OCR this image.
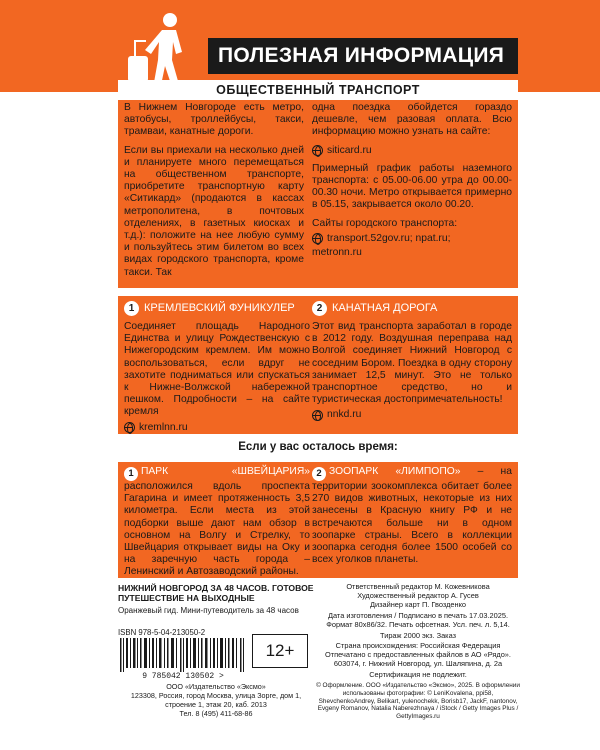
ПОЛЕЗНАЯ ИНФОРМАЦИЯ
ОБЩЕСТВЕННЫЙ ТРАНСПОРТ

В Нижнем Новгороде есть метро, автобусы, троллейбусы, такси, трамваи, канатные дороги.

Если вы приехали на несколько дней и планируете много перемещаться на общественном транспорте, приобретите транспортную карту «Ситикард» (продаются в кассах метрополитена, в почтовых отделениях, в газетных киосках и т.д.): положите на нее любую сумму и пользуйтесь этим билетом во всех видах городского транспорта, кроме такси. Так

одна поездка обойдется гораздо дешевле, чем разовая оплата. Всю информацию можно узнать на сайте:

siticard.ru

Примерный график работы наземного транспорта: с 05.00-06.00 утра до 00.00-00.30 ночи. Метро открывается примерно в 05.15, закрывается около 00.20.

Сайты городского транспорта:

transport.52gov.ru; npat.ru;
metronn.ru
1 КРЕМЛЕВСКИЙ ФУНИКУЛЕР

Соединяет площадь Народного Единства и улицу Рождественскую с Нижегородским кремлем. Им можно воспользоваться, если вдруг не захотите подниматься или спускаться к Нижне-Волжской набережной пешком. Подробности – на сайте кремля

kremlnn.ru
2 КАНАТНАЯ ДОРОГА

Этот вид транспорта заработал в городе в 2012 году. Воздушная переправа над Волгой соединяет Нижний Новгород с соседним Бором. Поездка в одну сторону занимает 12,5 минут. Это не только транспортное средство, но и туристическая достопримечательность!

nnkd.ru
Если у вас осталось время:

1 ПАРК «ШВЕЙЦАРИЯ» расположился вдоль проспекта Гагарина и имеет протяженность 3,5 километра. Если места из этой подборки выше дают нам обзор в основном на Волгу и Стрелку, то Швейцария открывает виды на Оку и на заречную часть города – Ленинский и Автозаводский районы.

2 ЗООПАРК «ЛИМПОПО» – на территории зоокомплекса обитает более 270 видов животных, некоторые из них занесены в Красную книгу РФ и не встречаются больше ни в одном зоопарке страны. Всего в коллекции зоопарка сегодня более 1500 особей со всех уголков планеты.

НИЖНИЙ НОВГОРОД ЗА 48 ЧАСОВ. ГОТОВОЕ ПУТЕШЕСТВИЕ НА ВЫХОДНЫЕ
Оранжевый гид. Мини-путеводитель за 48 часов
ISBN 978-5-04-213050-2
9 785042 130502 >
12+
ООО «Издательство «Эксмо»
123308, Россия, город Москва, улица Зорге, дом 1, строение 1, этаж 20, каб. 2013
Тел. 8 (495) 411-68-86

Ответственный редактор М. Кожевникова

Художественный редактор А. Гусев

Дизайнер карт П. Гвозденко

Дата изготовления / Подписано в печать 17.03.2025. Формат 80x86/32. Печать офсетная. Усл. печ. л. 5,14.

Тираж 2000 экз. Заказ

Страна происхождения: Российская Федерация

Отпечатано с предоставленных файлов в АО «Рядо». 603074, г. Нижний Новгород, ул. Шаляпина, д. 2а

Сертификация не подлежит.

© Оформление. ООО «Издательство «Эксмо», 2025. В оформлении использованы фотографии: © LeniKovalena, ppi58, ShevchenkoAndrey, Belikart, yulenochekk, Borisb17, JackF, nantonov, Evgeny Romanov, Natalia Naberezhnaya / iStock / Getty Images Plus / GettyImages.ru
